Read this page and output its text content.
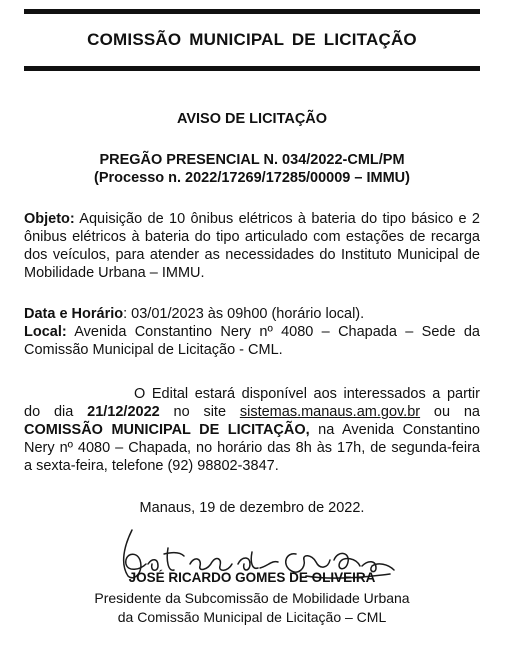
COMISSÃO MUNICIPAL DE LICITAÇÃO
AVISO DE LICITAÇÃO
PREGÃO PRESENCIAL N. 034/2022-CML/PM
(Processo n. 2022/17269/17285/00009 – IMMU)
Objeto: Aquisição de 10 ônibus elétricos à bateria do tipo básico e 2 ônibus elétricos à bateria do tipo articulado com estações de recarga dos veículos, para atender as necessidades do Instituto Municipal de Mobilidade Urbana – IMMU.
Data e Horário: 03/01/2023 às 09h00 (horário local).
Local: Avenida Constantino Nery nº 4080 – Chapada – Sede da Comissão Municipal de Licitação - CML.
O Edital estará disponível aos interessados a partir do dia 21/12/2022 no site sistemas.manaus.am.gov.br ou na COMISSÃO MUNICIPAL DE LICITAÇÃO, na Avenida Constantino Nery nº 4080 – Chapada, no horário das 8h às 17h, de segunda-feira a sexta-feira, telefone (92) 98802-3847.
Manaus, 19 de dezembro de 2022.
JOSÉ RICARDO GOMES DE OLIVEIRA
Presidente da Subcomissão de Mobilidade Urbana
da Comissão Municipal de Licitação – CML
